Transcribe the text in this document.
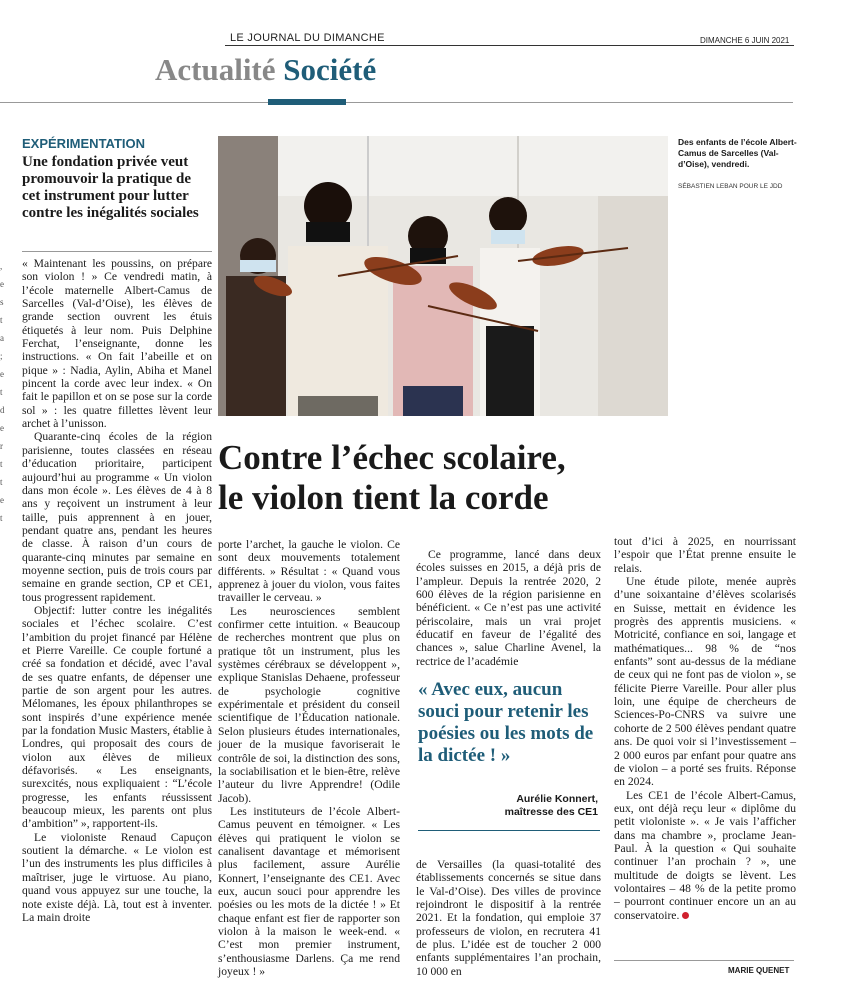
LE JOURNAL DU DIMANCHE	DIMANCHE 6 JUIN 2021
Actualité Société
EXPÉRIMENTATION
Une fondation privée veut promouvoir la pratique de cet instrument pour lutter contre les inégalités sociales
,
e
s
t
a
;
e
t
d
e
r
t
t
e
t

« Maintenant les poussins, on prépare son violon ! » Ce vendredi matin, à l’école maternelle Albert-Camus de Sarcelles (Val-d’Oise), les élèves de grande section ouvrent les étuis étiquetés à leur nom. Puis Delphine Ferchat, l’enseignante, donne les instructions. « On fait l’abeille et on pique » : Nadia, Aylin, Abiha et Manel pincent la corde avec leur index. « On fait le papillon et on se pose sur la corde sol » : les quatre fillettes lèvent leur archet à l’unisson.

Quarante-cinq écoles de la région parisienne, toutes classées en réseau d’éducation prioritaire, participent aujourd’hui au programme « Un violon dans mon école ». Les élèves de 4 à 8 ans y reçoivent un instrument à leur taille, puis apprennent à en jouer, pendant quatre ans, pendant les heures de classe. À raison d’un cours de quarante-cinq minutes par semaine en moyenne section, puis de trois cours par semaine en grande section, CP et CE1, tous progressent rapidement.

Objectif: lutter contre les inégalités sociales et l’échec scolaire. C’est l’ambition du projet financé par Hélène et Pierre Vareille. Ce couple fortuné a créé sa fondation et décidé, avec l’aval de ses quatre enfants, de dépenser une partie de son argent pour les autres. Mélomanes, les époux philanthropes se sont inspirés d’une expérience menée par la fondation Music Masters, établie à Londres, qui proposait des cours de violon aux élèves de milieux défavorisés. « Les enseignants, surexcités, nous expliquaient : “L’école progresse, les enfants réussissent beaucoup mieux, les parents ont plus d’ambition” », rapportent-ils.

Le violoniste Renaud Capuçon soutient la démarche. « Le violon est l’un des instruments les plus difficiles à maîtriser, juge le virtuose. Au piano, quand vous appuyez sur une touche, la note existe déjà. Là, tout est à inventer. La main droite

Des enfants de l’école Albert-Camus de Sarcelles (Val-d’Oise), vendredi.
SÉBASTIEN LEBAN POUR LE JDD
Contre l’échec scolaire,
le violon tient la corde

porte l’archet, la gauche le violon. Ce sont deux mouvements totalement différents. » Résultat : « Quand vous apprenez à jouer du violon, vous faites travailler le cerveau. »

Les neurosciences semblent confirmer cette intuition. « Beaucoup de recherches montrent que plus on pratique tôt un instrument, plus les systèmes cérébraux se développent », explique Stanislas Dehaene, professeur de psychologie cognitive expérimentale et président du conseil scientifique de l’Éducation nationale. Selon plusieurs études internationales, jouer de la musique favoriserait le contrôle de soi, la distinction des sons, la sociabilisation et le bien-être, relève l’auteur du livre Apprendre! (Odile Jacob).

Les instituteurs de l’école Albert-Camus peuvent en témoigner. « Les élèves qui pratiquent le violon se canalisent davantage et mémorisent plus facilement, assure Aurélie Konnert, l’enseignante des CE1. Avec eux, aucun souci pour apprendre les poésies ou les mots de la dictée ! » Et chaque enfant est fier de rapporter son violon à la maison le week-end. « C’est mon premier instrument, s’enthousiasme Darlens. Ça me rend joyeux ! »

Ce programme, lancé dans deux écoles suisses en 2015, a déjà pris de l’ampleur. Depuis la rentrée 2020, 2 600 élèves de la région parisienne en bénéficient. « Ce n’est pas une activité périscolaire, mais un vrai projet éducatif en faveur de l’égalité des chances », salue Charline Avenel, la rectrice de l’académie

« Avec eux, aucun souci pour retenir les poésies ou les mots de la dictée ! »
Aurélie Konnert,
maîtresse des CE1

de Versailles (la quasi-totalité des établissements concernés se situe dans le Val-d’Oise). Des villes de province rejoindront le dispositif à la rentrée 2021. Et la fondation, qui emploie 37 professeurs de violon, en recrutera 41 de plus. L’idée est de toucher 2 000 enfants supplémentaires l’an prochain, 10 000 en

tout d’ici à 2025, en nourrissant l’espoir que l’État prenne ensuite le relais.

Une étude pilote, menée auprès d’une soixantaine d’élèves scolarisés en Suisse, mettait en évidence les progrès des apprentis musiciens. « Motricité, confiance en soi, langage et mathématiques... 98 % de “nos enfants” sont au-dessus de la médiane de ceux qui ne font pas de violon », se félicite Pierre Vareille. Pour aller plus loin, une équipe de chercheurs de Sciences-Po-CNRS va suivre une cohorte de 2 500 élèves pendant quatre ans. De quoi voir si l’investissement – 2 000 euros par enfant pour quatre ans de violon – a porté ses fruits. Réponse en 2024.

Les CE1 de l’école Albert-Camus, eux, ont déjà reçu leur « diplôme du petit violoniste ». « Je vais l’afficher dans ma chambre », proclame Jean-Paul. À la question « Qui souhaite continuer l’an prochain ? », une multitude de doigts se lèvent. Les volontaires – 48 % de la petite promo – pourront continuer encore un an au conservatoire.

MARIE QUENET
